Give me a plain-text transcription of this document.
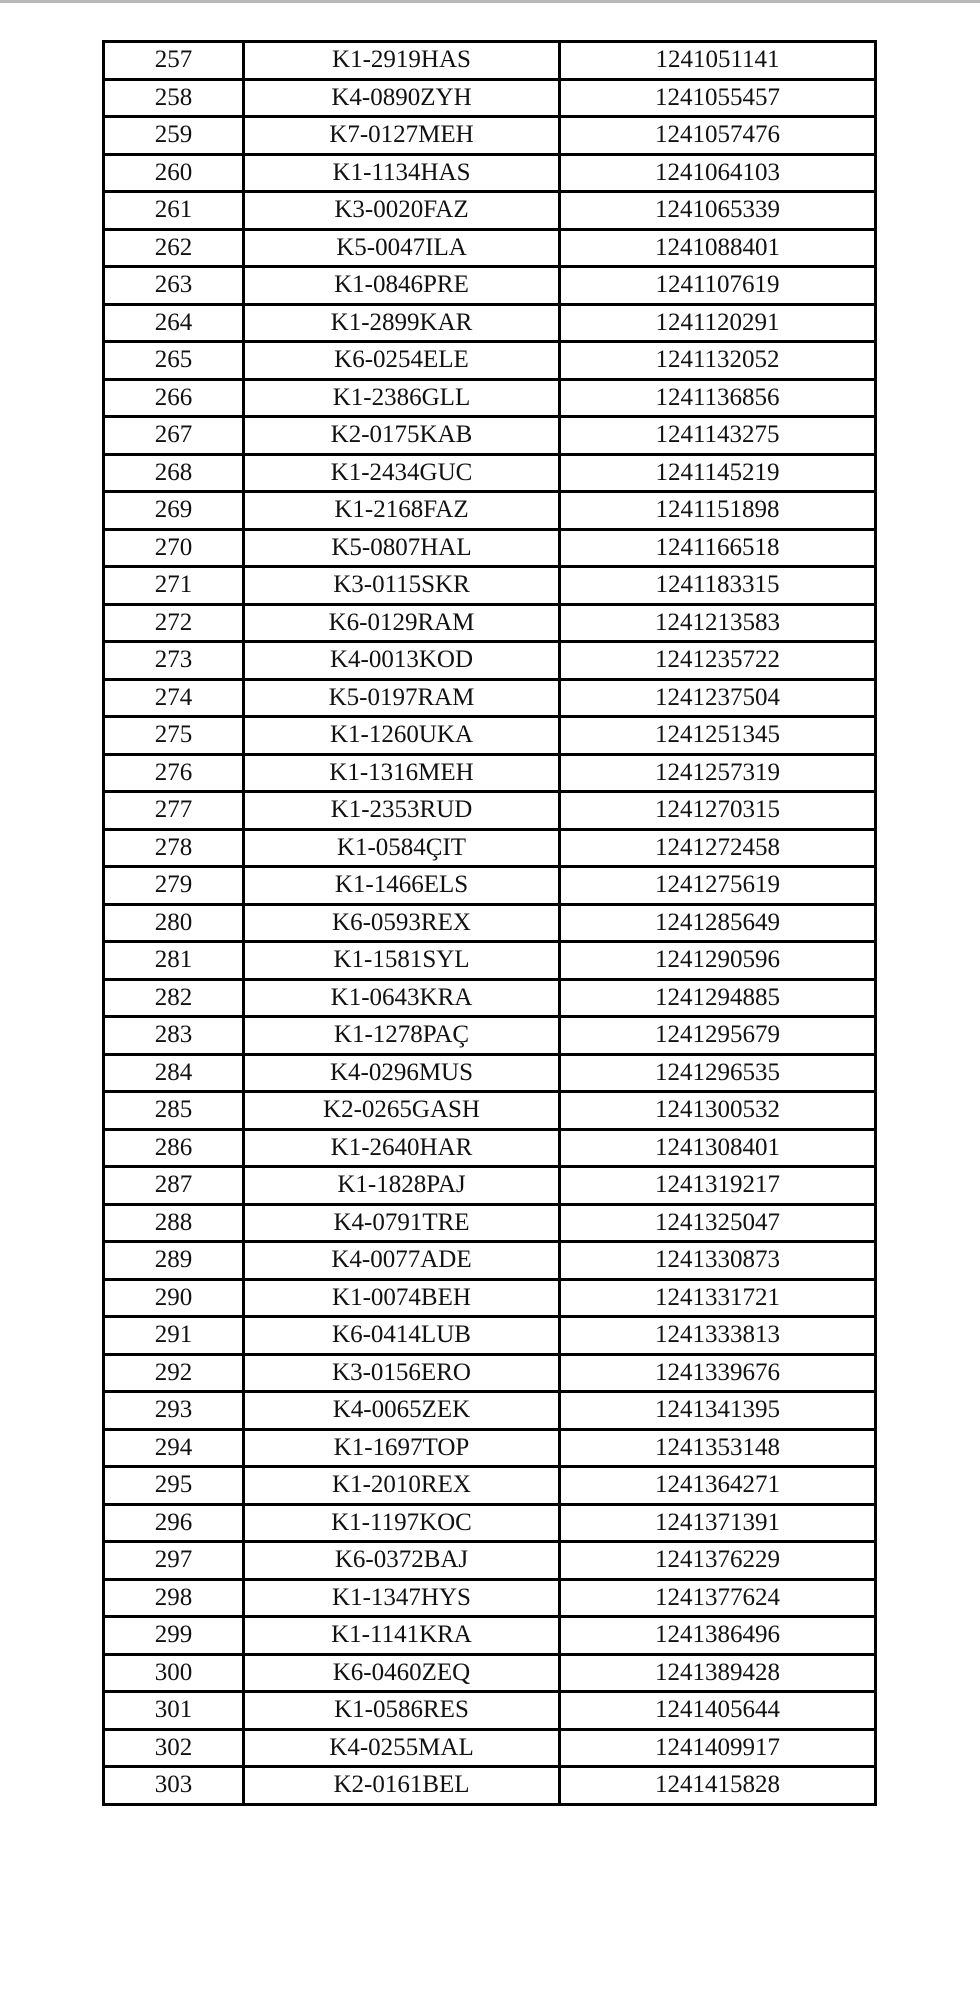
257	K1-2919HAS	1241051141
258	K4-0890ZYH	1241055457
259	K7-0127MEH	1241057476
260	K1-1134HAS	1241064103
261	K3-0020FAZ	1241065339
262	K5-0047ILA	1241088401
263	K1-0846PRE	1241107619
264	K1-2899KAR	1241120291
265	K6-0254ELE	1241132052
266	K1-2386GLL	1241136856
267	K2-0175KAB	1241143275
268	K1-2434GUC	1241145219
269	K1-2168FAZ	1241151898
270	K5-0807HAL	1241166518
271	K3-0115SKR	1241183315
272	K6-0129RAM	1241213583
273	K4-0013KOD	1241235722
274	K5-0197RAM	1241237504
275	K1-1260UKA	1241251345
276	K1-1316MEH	1241257319
277	K1-2353RUD	1241270315
278	K1-0584ÇIT	1241272458
279	K1-1466ELS	1241275619
280	K6-0593REX	1241285649
281	K1-1581SYL	1241290596
282	K1-0643KRA	1241294885
283	K1-1278PAÇ	1241295679
284	K4-0296MUS	1241296535
285	K2-0265GASH	1241300532
286	K1-2640HAR	1241308401
287	K1-1828PAJ	1241319217
288	K4-0791TRE	1241325047
289	K4-0077ADE	1241330873
290	K1-0074BEH	1241331721
291	K6-0414LUB	1241333813
292	K3-0156ERO	1241339676
293	K4-0065ZEK	1241341395
294	K1-1697TOP	1241353148
295	K1-2010REX	1241364271
296	K1-1197KOC	1241371391
297	K6-0372BAJ	1241376229
298	K1-1347HYS	1241377624
299	K1-1141KRA	1241386496
300	K6-0460ZEQ	1241389428
301	K1-0586RES	1241405644
302	K4-0255MAL	1241409917
303	K2-0161BEL	1241415828
